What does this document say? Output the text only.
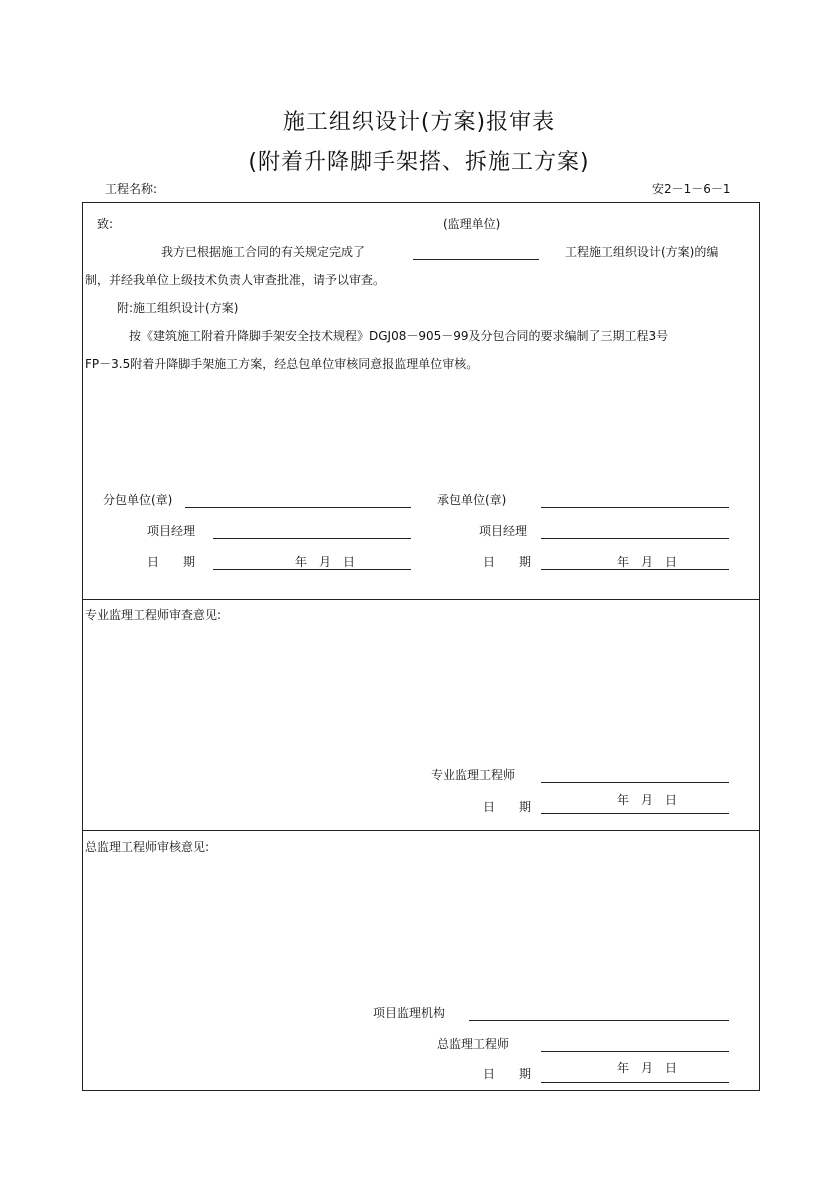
施工组织设计(方案)报审表
(附着升降脚手架搭、拆施工方案)
工程名称:	安2－1－6－1
致:	(监理单位)
我方已根据施工合同的有关规定完成了	工程施工组织设计(方案)的编
制，并经我单位上级技术负责人审查批准，请予以审查。
附:施工组织设计(方案)
按《建筑施工附着升降脚手架安全技术规程》DGJ08－905－99及分包合同的要求编制了三期工程3号
FP－3.5附着升降脚手架施工方案，经总包单位审核同意报监理单位审核。
分包单位(章)	承包单位(章)
项目经理	项目经理
日　　期	年　月　日	日　　期	年　月　日
专业监理工程师审查意见:
专业监理工程师
日　　期	年　月　日
总监理工程师审核意见:
项目监理机构
总监理工程师
日　　期	年　月　日
